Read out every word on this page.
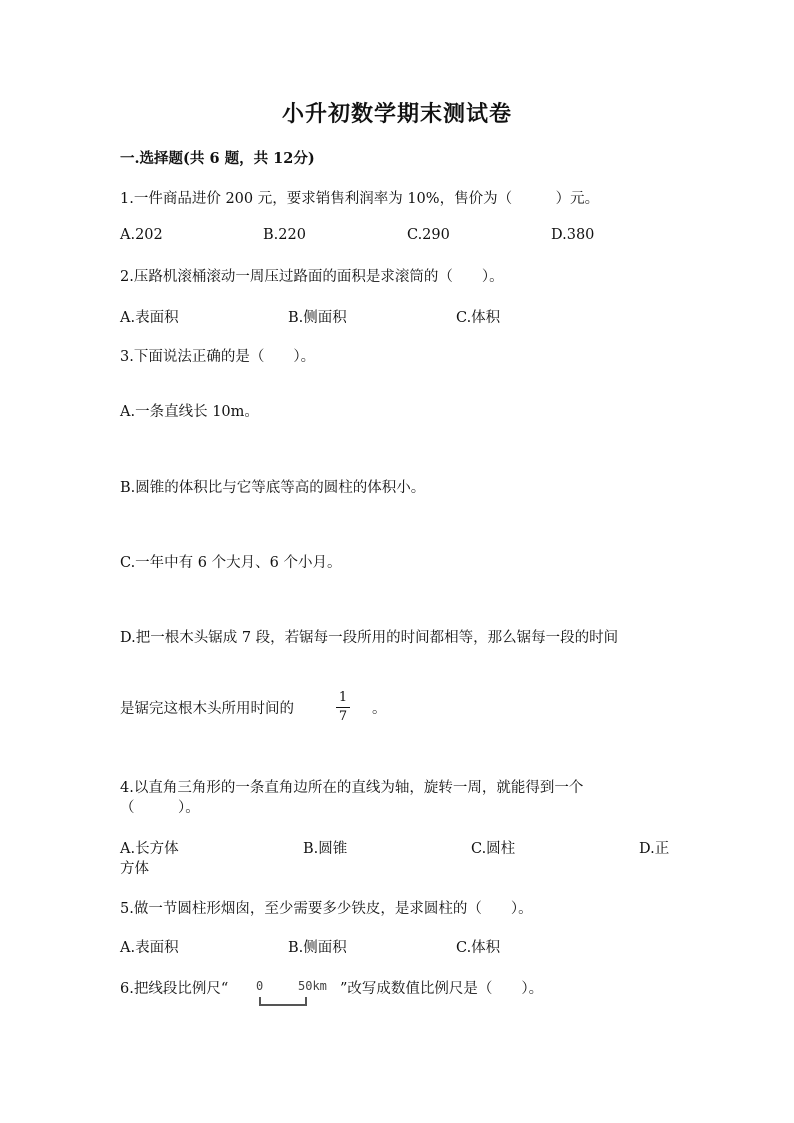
小升初数学期末测试卷
一.选择题(共 6 题，共 12分)
1.一件商品进价 200 元，要求销售利润率为 10%，售价为（　　　）元。
A.202	B.220	C.290	D.380
2.压路机滚桶滚动一周压过路面的面积是求滚筒的（　　）。
A.表面积	B.侧面积	C.体积
3.下面说法正确的是（　　）。
A.一条直线长 10m。
B.圆锥的体积比与它等底等高的圆柱的体积小。
C.一年中有 6 个大月、6 个小月。
D.把一根木头锯成 7 段，若锯每一段所用的时间都相等，那么锯每一段的时间
是锯完这根木头所用时间的
1
7 。
4.以直角三角形的一条直角边所在的直线为轴，旋转一周，就能得到一个
（　　　）。
A.长方体	B.圆锥	C.圆柱	D.正
方体
5.做一节圆柱形烟囱，至少需要多少铁皮，是求圆柱的（　　）。
A.表面积	B.侧面积	C.体积
6.把线段比例尺“ 0	50km ”改写成数值比例尺是（　　）。
